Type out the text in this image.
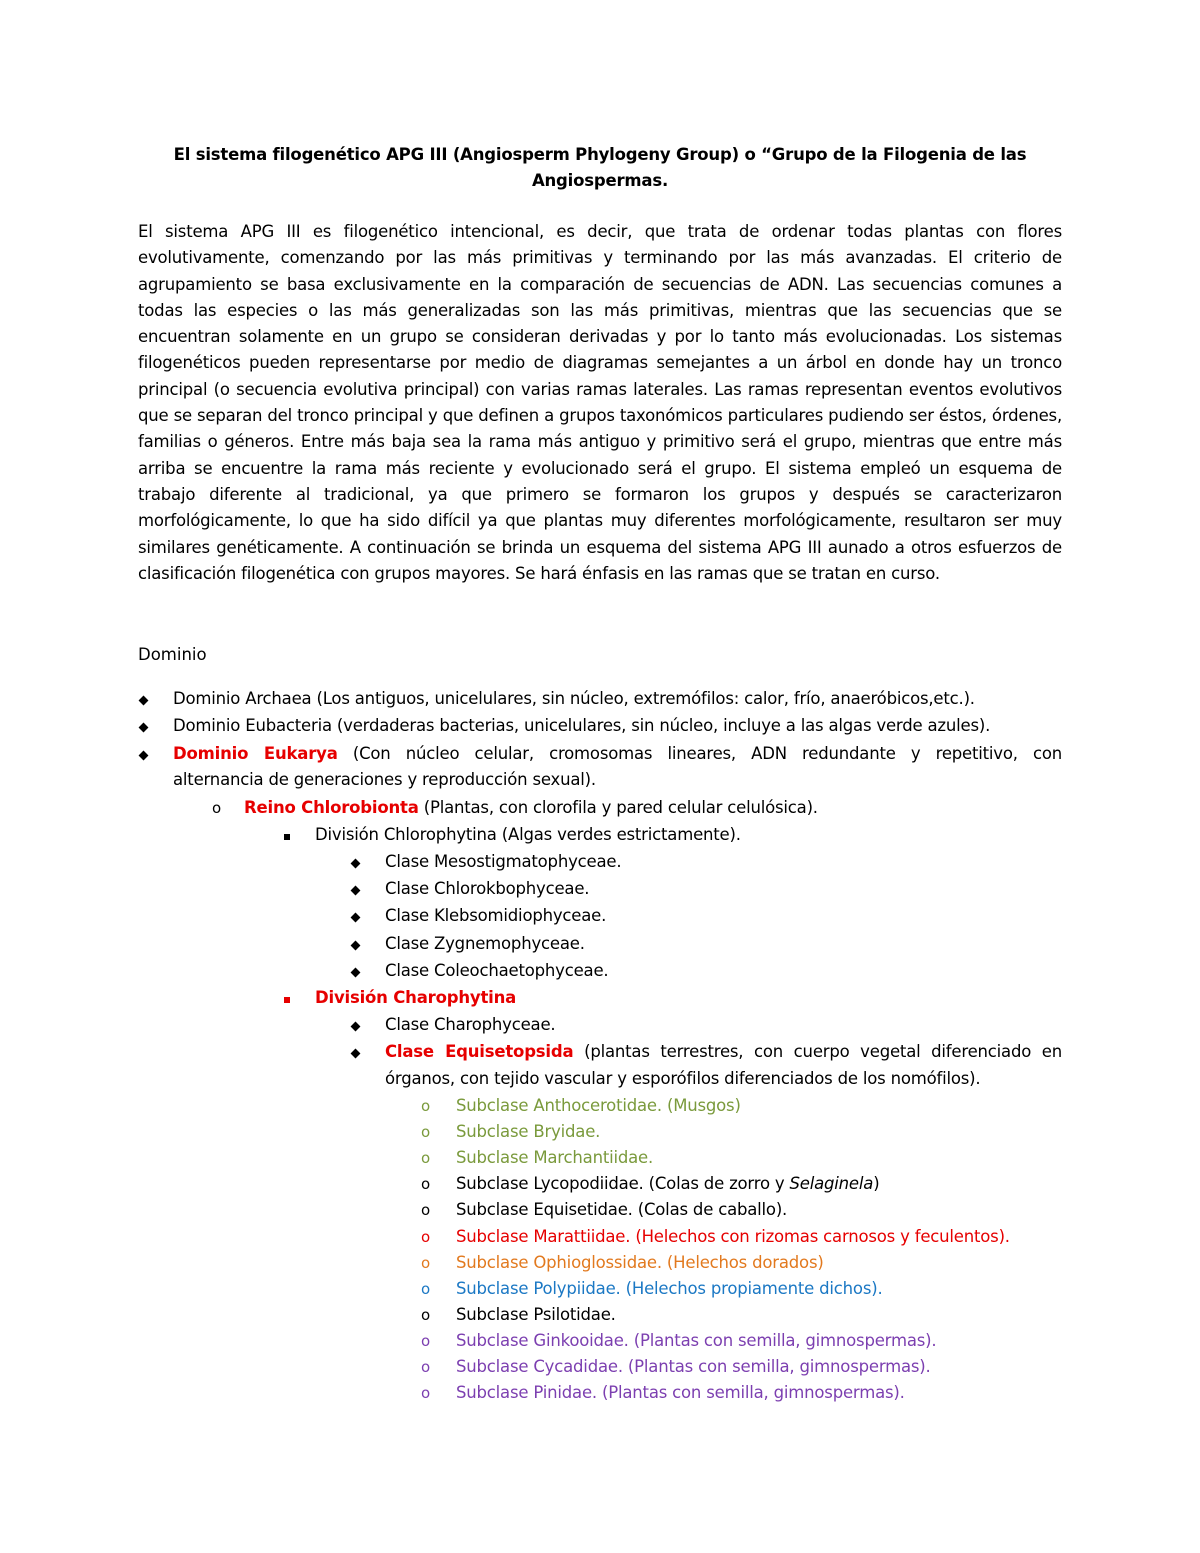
El sistema filogenético APG III (Angiosperm Phylogeny Group) o “Grupo de la Filogenia de las
Angiospermas.
El sistema APG III es filogenético intencional, es decir, que trata de ordenar todas plantas con flores evolutivamente, comenzando por las más primitivas y terminando por las más avanzadas. El criterio de agrupamiento se basa exclusivamente en la comparación de secuencias de ADN. Las secuencias comunes a todas las especies o las más generalizadas son las más primitivas, mientras que las secuencias que se encuentran solamente en un grupo se consideran derivadas y por lo tanto más evolucionadas. Los sistemas filogenéticos pueden representarse por medio de diagramas semejantes a un árbol en donde hay un tronco principal (o secuencia evolutiva principal) con varias ramas laterales. Las ramas representan eventos evolutivos que se separan del tronco principal y que definen a grupos taxonómicos particulares pudiendo ser éstos, órdenes, familias o géneros. Entre más baja sea la rama más antiguo y primitivo será el grupo, mientras que entre más arriba se encuentre la rama más reciente y evolucionado será el grupo. El sistema empleó un esquema de trabajo diferente al tradicional, ya que primero se formaron los grupos y después se caracterizaron morfológicamente, lo que ha sido difícil ya que plantas muy diferentes morfológicamente, resultaron ser muy similares genéticamente. A continuación se brinda un esquema del sistema APG III aunado a otros esfuerzos de clasificación filogenética con grupos mayores. Se hará énfasis en las ramas que se tratan en curso.
Dominio
Dominio Archaea (Los antiguos, unicelulares, sin núcleo, extremófilos: calor, frío, anaeróbicos,etc.).
Dominio Eubacteria (verdaderas bacterias, unicelulares, sin núcleo, incluye a las algas verde azules).
Dominio Eukarya (Con núcleo celular, cromosomas lineares, ADN redundante y repetitivo, con
alternancia de generaciones y reproducción sexual).
o Reino Chlorobionta (Plantas, con clorofila y pared celular celulósica).
División Chlorophytina (Algas verdes estrictamente).
Clase Mesostigmatophyceae.
Clase Chlorokbophyceae.
Clase Klebsomidiophyceae.
Clase Zygnemophyceae.
Clase Coleochaetophyceae.
División Charophytina
Clase Charophyceae.
Clase Equisetopsida (plantas terrestres, con cuerpo vegetal diferenciado en
órganos, con tejido vascular y esporófilos diferenciados de los nomófilos).
o Subclase Anthocerotidae. (Musgos)
o Subclase Bryidae.
o Subclase Marchantiidae.
o Subclase Lycopodiidae. (Colas de zorro y Selaginela)
o Subclase Equisetidae. (Colas de caballo).
o Subclase Marattiidae. (Helechos con rizomas carnosos y feculentos).
o Subclase Ophioglossidae. (Helechos dorados)
o Subclase Polypiidae. (Helechos propiamente dichos).
o Subclase Psilotidae.
o Subclase Ginkooidae. (Plantas con semilla, gimnospermas).
o Subclase Cycadidae. (Plantas con semilla, gimnospermas).
o Subclase Pinidae. (Plantas con semilla, gimnospermas).
